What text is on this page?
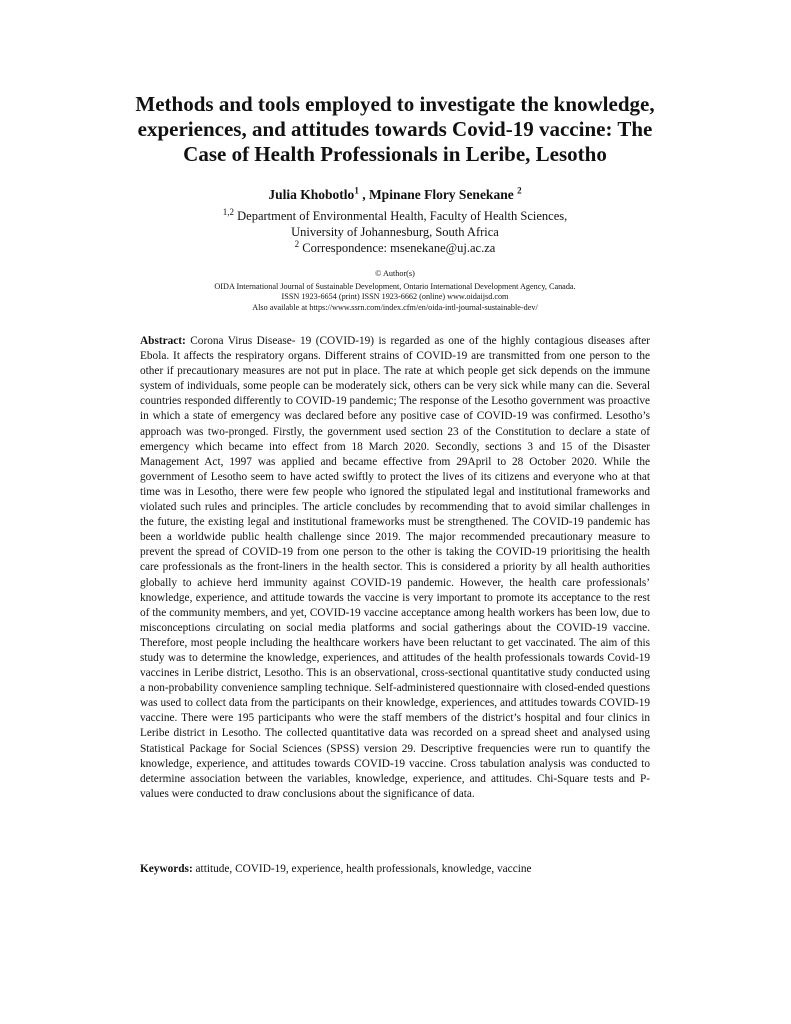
Methods and tools employed to investigate the knowledge,
experiences, and attitudes towards Covid-19 vaccine: The
Case of Health Professionals in Leribe, Lesotho
Julia Khobotlo$^1$ , Mpinane Flory Senekane $^2$
$^{1,2}$ Department of Environmental Health, Faculty of Health Sciences,
University of Johannesburg, South Africa
$^2$ Correspondence: msenekane@uj.ac.za
© Author(s)
OIDA International Journal of Sustainable Development, Ontario International Development Agency, Canada.
ISSN 1923-6654 (print) ISSN 1923-6662 (online) www.oidaijsd.com
Also available at https://www.ssrn.com/index.cfm/en/oida-intl-journal-sustainable-dev/

Abstract: Corona Virus Disease- 19 (COVID-19) is regarded as one of the highly contagious diseases after Ebola. It affects the respiratory organs. Different strains of COVID-19 are transmitted from one person to the other if precautionary measures are not put in place. The rate at which people get sick depends on the immune system of individuals, some people can be moderately sick, others can be very sick while many can die. Several countries responded differently to COVID-19 pandemic; The response of the Lesotho government was proactive in which a state of emergency was declared before any positive case of COVID-19 was confirmed. Lesotho’s approach was two-pronged. Firstly, the government used section 23 of the Constitution to declare a state of emergency which became into effect from 18 March 2020. Secondly, sections 3 and 15 of the Disaster Management Act, 1997 was applied and became effective from 29April to 28 October 2020. While the government of Lesotho seem to have acted swiftly to protect the lives of its citizens and everyone who at that time was in Lesotho, there were few people who ignored the stipulated legal and institutional frameworks and violated such rules and principles. The article concludes by recommending that to avoid similar challenges in the future, the existing legal and institutional frameworks must be strengthened. The COVID-19 pandemic has been a worldwide public health challenge since 2019. The major recommended precautionary measure to prevent the spread of COVID-19 from one person to the other is taking the COVID-19 prioritising the health care professionals as the front-liners in the health sector. This is considered a priority by all health authorities globally to achieve herd immunity against COVID-19 pandemic. However, the health care professionals’ knowledge, experience, and attitude towards the vaccine is very important to promote its acceptance to the rest of the community members, and yet, COVID-19 vaccine acceptance among health workers has been low, due to misconceptions circulating on social media platforms and social gatherings about the COVID-19 vaccine. Therefore, most people including the healthcare workers have been reluctant to get vaccinated. The aim of this study was to determine the knowledge, experiences, and attitudes of the health professionals towards Covid-19 vaccines in Leribe district, Lesotho. This is an observational, cross-sectional quantitative study conducted using a non-probability convenience sampling technique. Self-administered questionnaire with closed-ended questions was used to collect data from the participants on their knowledge, experiences, and attitudes towards COVID-19 vaccine. There were 195 participants who were the staff members of the district’s hospital and four clinics in Leribe district in Lesotho. The collected quantitative data was recorded on a spread sheet and analysed using Statistical Package for Social Sciences (SPSS) version 29. Descriptive frequencies were run to quantify the knowledge, experience, and attitudes towards COVID-19 vaccine. Cross tabulation analysis was conducted to determine association between the variables, knowledge, experience, and attitudes. Chi-Square tests and P-values were conducted to draw conclusions about the significance of data.

Keywords: attitude, COVID-19, experience, health professionals, knowledge, vaccine
